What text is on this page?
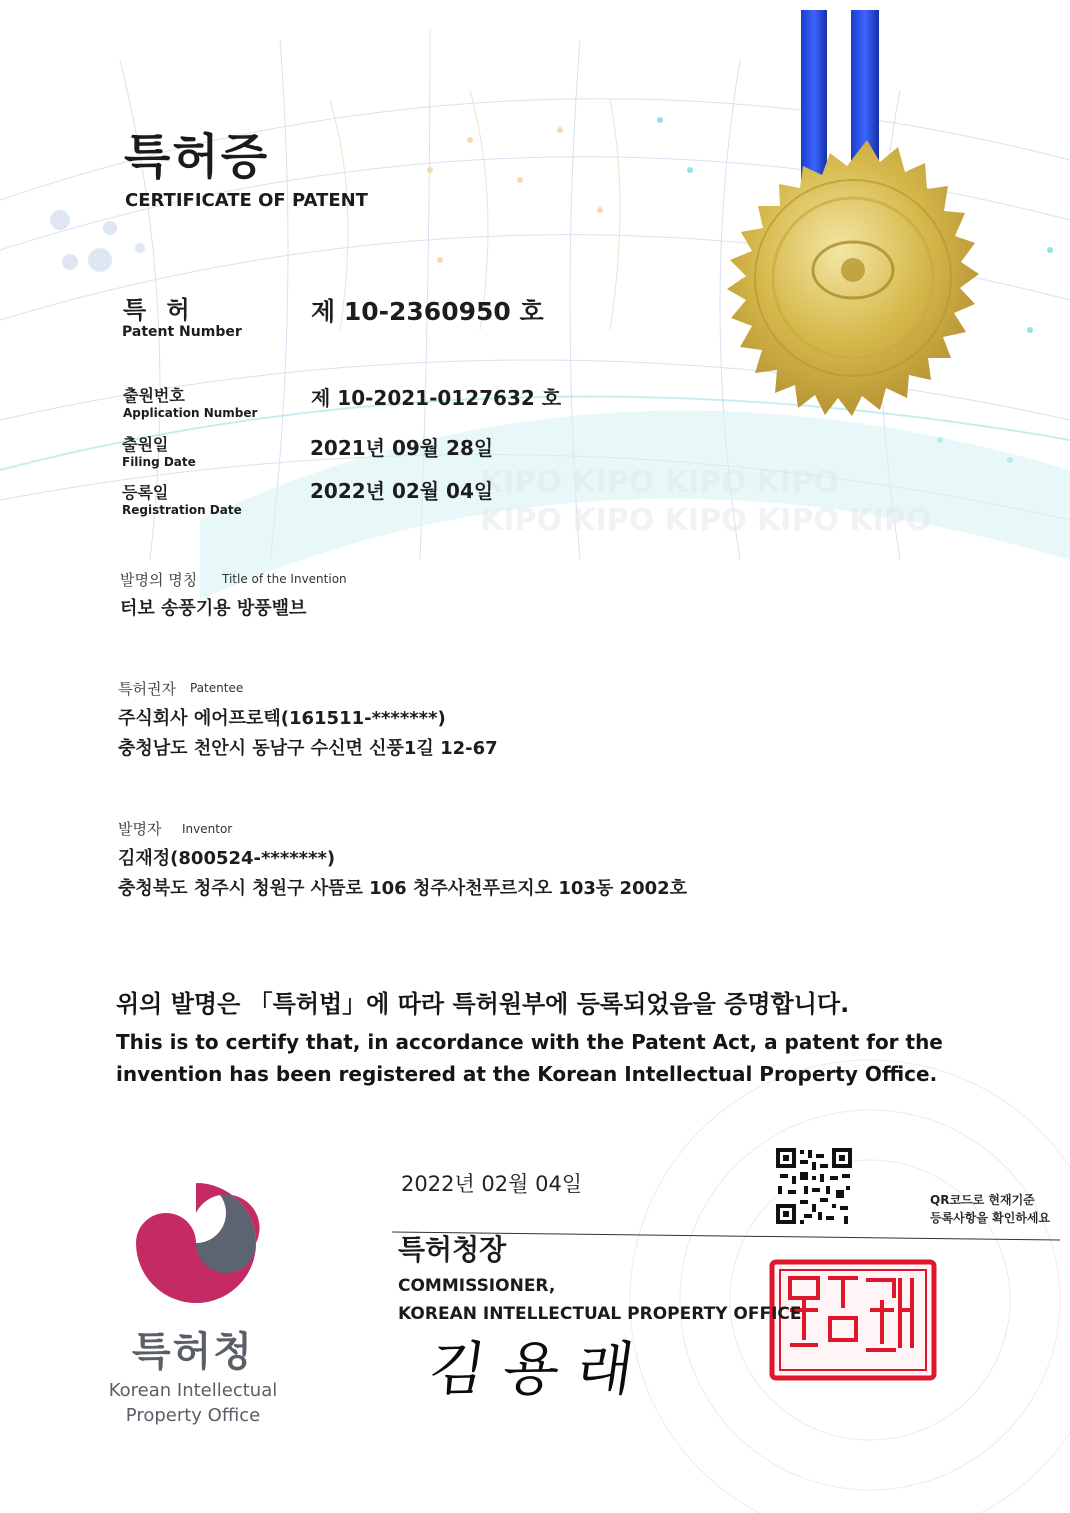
KIPO KIPO KIPO KIPO
KIPO KIPO KIPO KIPO KIPO
특허증
CERTIFICATE OF PATENT
특 허
Patent Number
제 10-2360950 호
출원번호
Application Number
제 10-2021-0127632 호
출원일
Filing Date
2021년 09월 28일
등록일
Registration Date
2022년 02월 04일
발명의 명칭 Title of the Invention
터보 송풍기용 방풍밸브
특허권자 Patentee
주식회사 에어프로텍(161511-*******)
충청남도 천안시 동남구 수신면 신풍1길 12-67
발명자 Inventor
김재정(800524-*******)
충청북도 청주시 청원구 사뜸로 106 청주사천푸르지오 103동 2002호
위의 발명은 「특허법」에 따라 특허원부에 등록되었음을 증명합니다.
This is to certify that, in accordance with the Patent Act, a patent for the
invention has been registered at the Korean Intellectual Property Office.
2022년 02월 04일
특허청장
COMMISSIONER,
KOREAN INTELLECTUAL PROPERTY OFFICE
김용래
QR코드로 현재기준
등록사항을 확인하세요
특허청
Korean Intellectual
Property Office
